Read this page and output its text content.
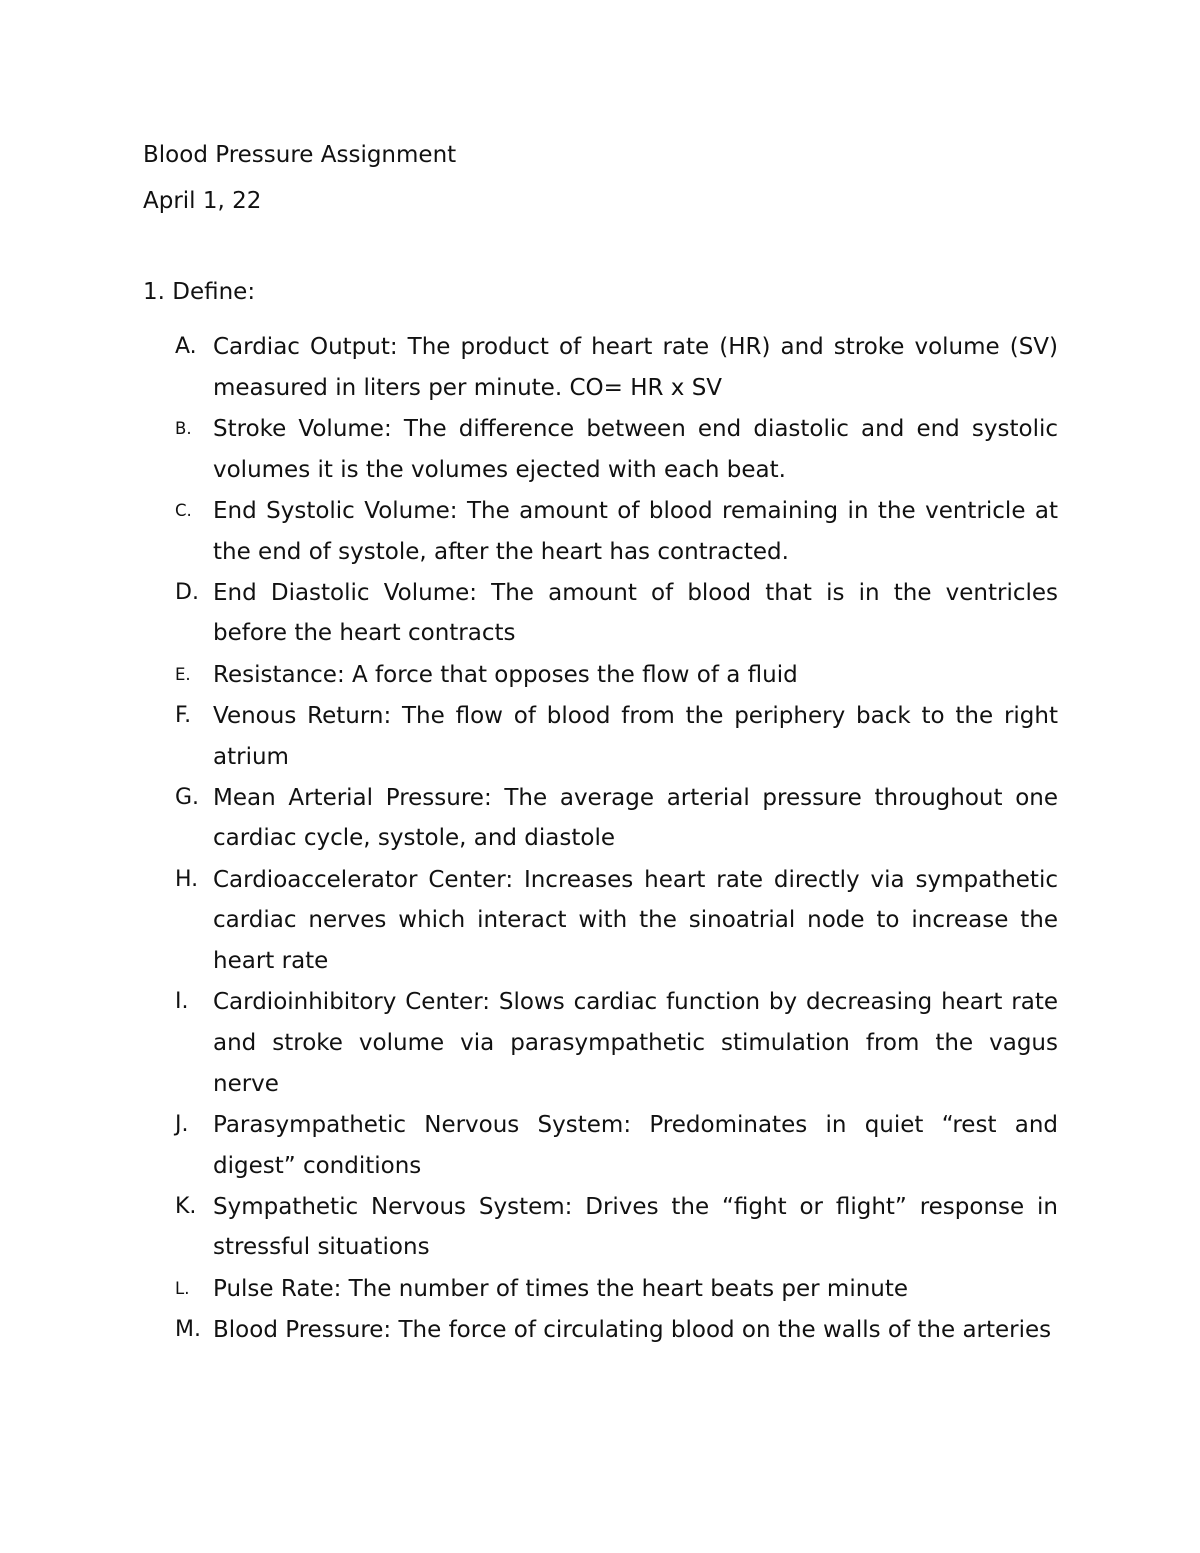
Blood Pressure Assignment
April 1, 22
1. Define:
A. Cardiac Output: The product of heart rate (HR) and stroke volume (SV) measured in liters per minute. CO= HR x SV
B. Stroke Volume: The difference between end diastolic and end systolic volumes it is the volumes ejected with each beat.
C. End Systolic Volume: The amount of blood remaining in the ventricle at the end of systole, after the heart has contracted.
D. End Diastolic Volume: The amount of blood that is in the ventricles before the heart contracts
E. Resistance: A force that opposes the flow of a fluid
F. Venous Return: The flow of blood from the periphery back to the right atrium
G. Mean Arterial Pressure: The average arterial pressure throughout one cardiac cycle, systole, and diastole
H. Cardioaccelerator Center: Increases heart rate directly via sympathetic cardiac nerves which interact with the sinoatrial node to increase the heart rate
I. Cardioinhibitory Center: Slows cardiac function by decreasing heart rate and stroke volume via parasympathetic stimulation from the vagus nerve
J. Parasympathetic Nervous System: Predominates in quiet “rest and digest” conditions
K. Sympathetic Nervous System: Drives the “fight or flight” response in stressful situations
L. Pulse Rate: The number of times the heart beats per minute
M. Blood Pressure: The force of circulating blood on the walls of the arteries
